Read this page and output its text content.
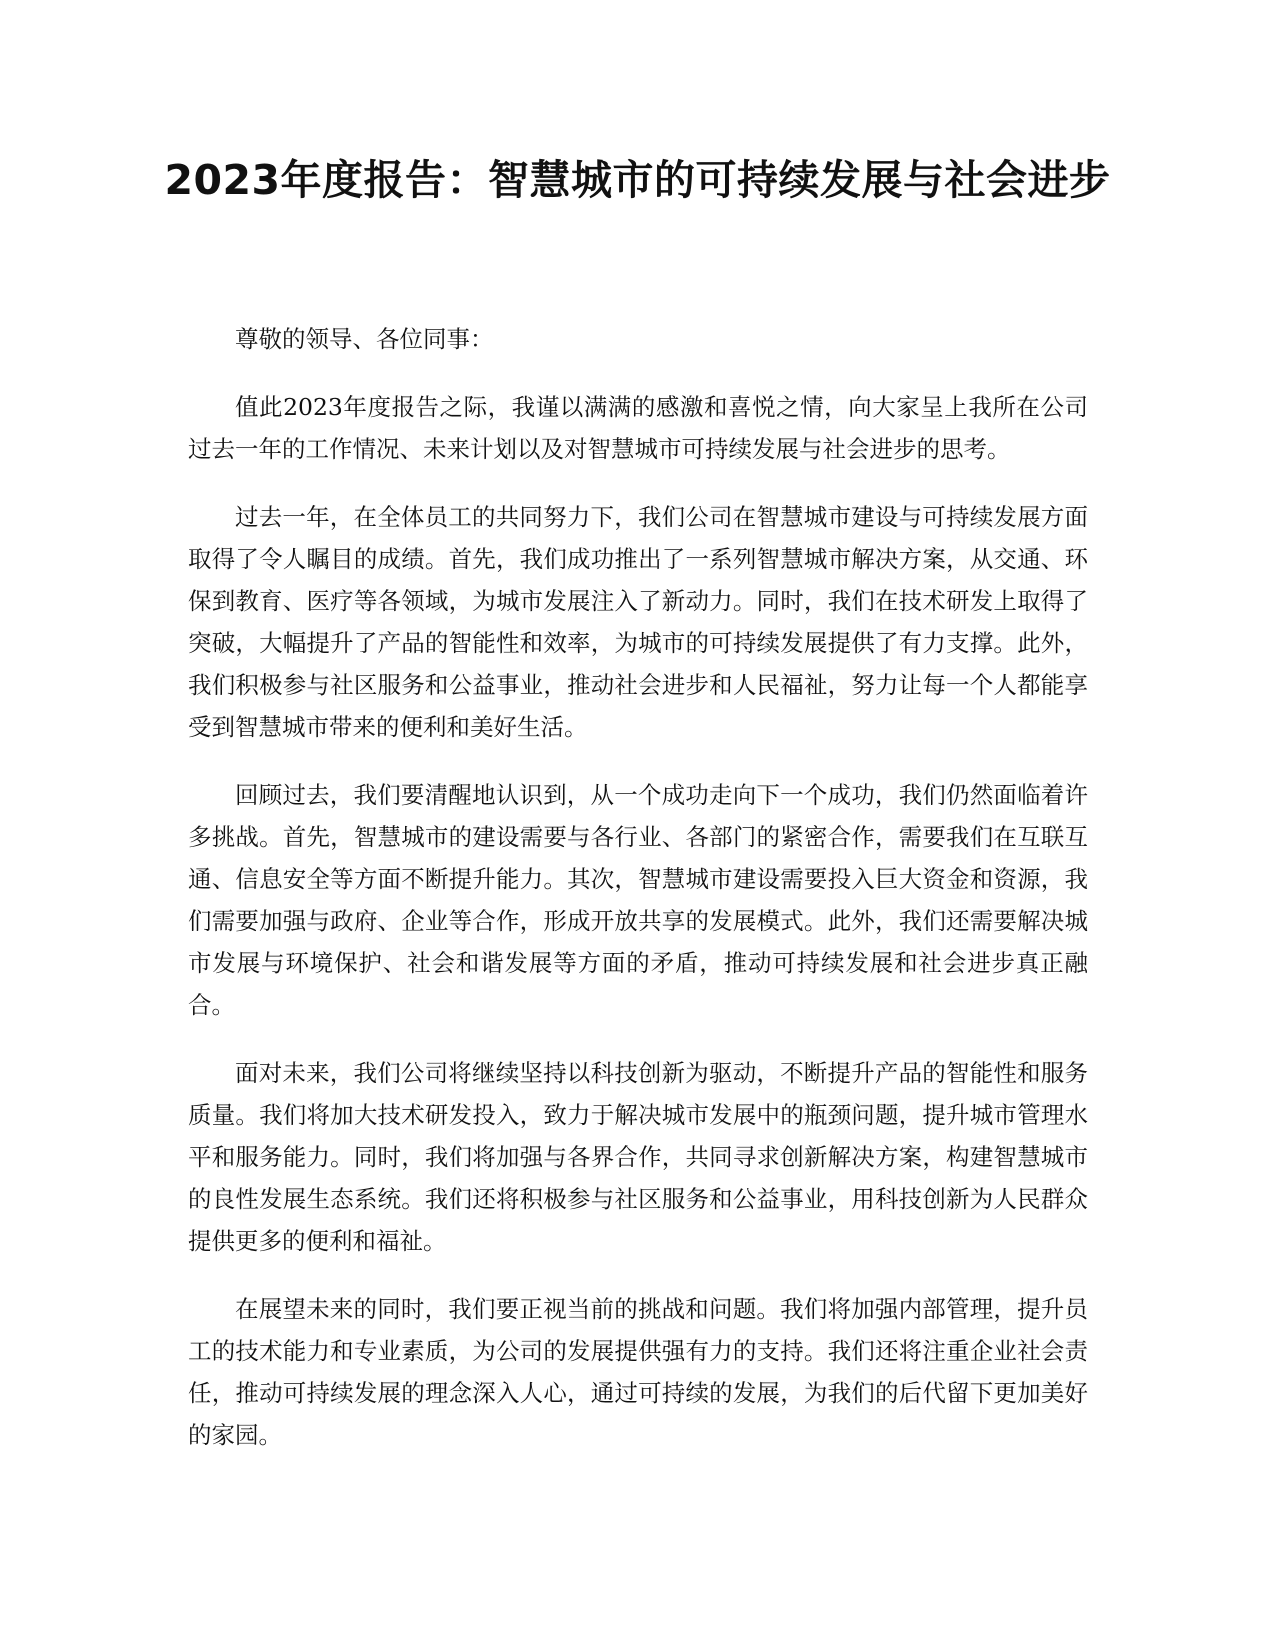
2023年度报告：智慧城市的可持续发展与社会进步

尊敬的领导、各位同事：

值此2023年度报告之际，我谨以满满的感激和喜悦之情，向大家呈上我所在公司过去一年的工作情况、未来计划以及对智慧城市可持续发展与社会进步的思考。

过去一年，在全体员工的共同努力下，我们公司在智慧城市建设与可持续发展方面取得了令人瞩目的成绩。首先，我们成功推出了一系列智慧城市解决方案，从交通、环保到教育、医疗等各领域，为城市发展注入了新动力。同时，我们在技术研发上取得了突破，大幅提升了产品的智能性和效率，为城市的可持续发展提供了有力支撑。此外，我们积极参与社区服务和公益事业，推动社会进步和人民福祉，努力让每一个人都能享受到智慧城市带来的便利和美好生活。

回顾过去，我们要清醒地认识到，从一个成功走向下一个成功，我们仍然面临着许多挑战。首先，智慧城市的建设需要与各行业、各部门的紧密合作，需要我们在互联互通、信息安全等方面不断提升能力。其次，智慧城市建设需要投入巨大资金和资源，我们需要加强与政府、企业等合作，形成开放共享的发展模式。此外，我们还需要解决城市发展与环境保护、社会和谐发展等方面的矛盾，推动可持续发展和社会进步真正融合。

面对未来，我们公司将继续坚持以科技创新为驱动，不断提升产品的智能性和服务质量。我们将加大技术研发投入，致力于解决城市发展中的瓶颈问题，提升城市管理水平和服务能力。同时，我们将加强与各界合作，共同寻求创新解决方案，构建智慧城市的良性发展生态系统。我们还将积极参与社区服务和公益事业，用科技创新为人民群众提供更多的便利和福祉。

在展望未来的同时，我们要正视当前的挑战和问题。我们将加强内部管理，提升员工的技术能力和专业素质，为公司的发展提供强有力的支持。我们还将注重企业社会责任，推动可持续发展的理念深入人心，通过可持续的发展，为我们的后代留下更加美好的家园。
